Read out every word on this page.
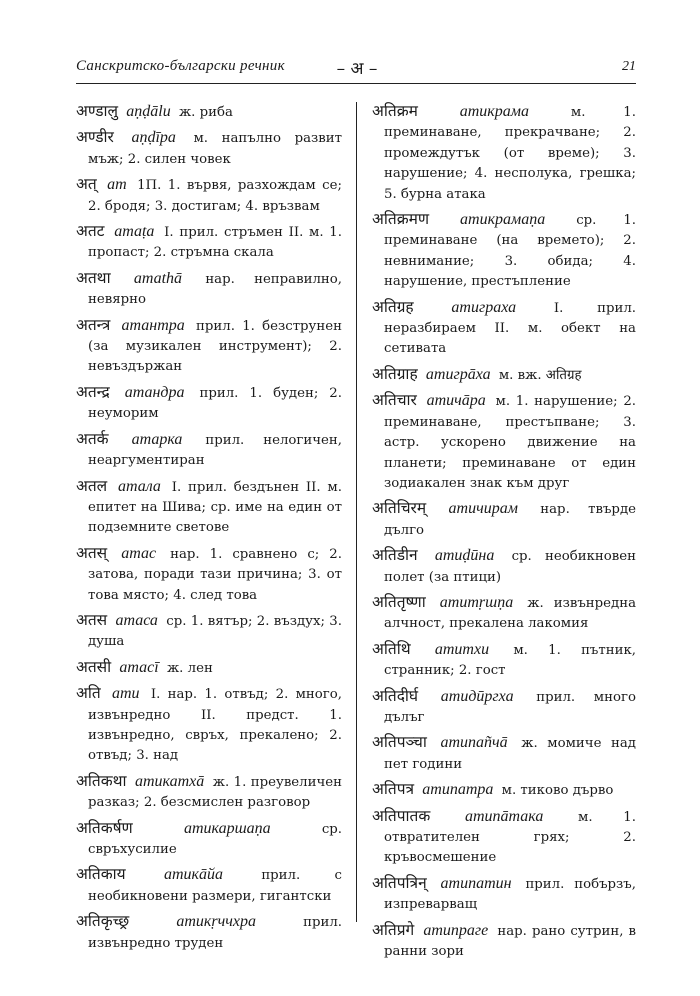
Санскритско-български речник	– अ –	21

अण्डालु аṇḍālu ж. риба

अण्डीर аṇḍīра м. напълно развит мъж; 2. силен човек

अत् ат 1П. 1. вървя, разхождам се; 2. бродя; 3. достигам; 4. връзвам

अतट атаṭа I. прил. стръмен II. м. 1. пропаст; 2. стръмна скала

अतथा атаthā нар. неправилно, невярно

अतन्त्र атантра прил. 1. безструнен (за музикален инструмент); 2. невъздържан

अतन्द्र атандра прил. 1. буден; 2. неуморим

अतर्क атарка прил. нелогичен, неаргументиран

अतल атала I. прил. бездънен II. м. епитет на Шива; ср. име на един от подземните светове

अतस् атас нар. 1. сравнено с; 2. затова, поради тази причина; 3. от това място; 4. след това

अतस атаса ср. 1. вятър; 2. въздух; 3. душа

अतसी атасī ж. лен

अति ати I. нар. 1. отвъд; 2. много, извънредно II. предст. 1. извънредно, свръх, прекалено; 2. отвъд; 3. над

अतिकथा атикатхā ж. 1. преувеличен разказ; 2. безсмислен разговор

अतिकर्षण	атикаршаṇа	ср. свръхусилие

अतिकाय атикāйа	прил. с необикновени размери, гигантски

अतिकृच्छ्र	атикṛччхра	прил. извънредно труден

अतिक्रम	атикрама	м. 1. преминаване, прекрачване; 2. промеждутък (от време); 3. нарушение; 4. несполука, грешка; 5. бурна атака

अतिक्रमण атикрамаṇа ср. 1. преминаване (на времето); 2. невнимание; 3. обида; 4. нарушение, престъпление

अतिग्रह атиграха	I. прил. неразбираем II. м. обект на сетивата

अतिग्राह атигрāха м. вж. अतिग्रह

अतिचार атичāра м. 1. нарушение; 2. преминаване, престъпване; 3. астр. ускорено движение на планети; преминаване от един зодиакален знак към друг

अतिचिरम् атичирам нар. твърде дълго

अतिडीन атиḍӣна ср. необикновен полет (за птици)

अतितृष्णा атитṛшṇа ж. извънредна алчност, прекалена лакомия

अतिथि атитхи м. 1. пътник, странник; 2. гост

अतिदीर्घ атидӣргха прил. много дълъг

अतिपञ्चा атипаñчā ж. момиче над пет години

अतिपत्र атипатра м. тиково дърво

अतिपातक атипāтака	м. 1. отвратителен грях; 2. кръвосмешение

अतिपत्रिन् атипатин прил. побързъ, изпреварващ

अतिप्रगे атипраге нар. рано сутрин, в ранни зори
